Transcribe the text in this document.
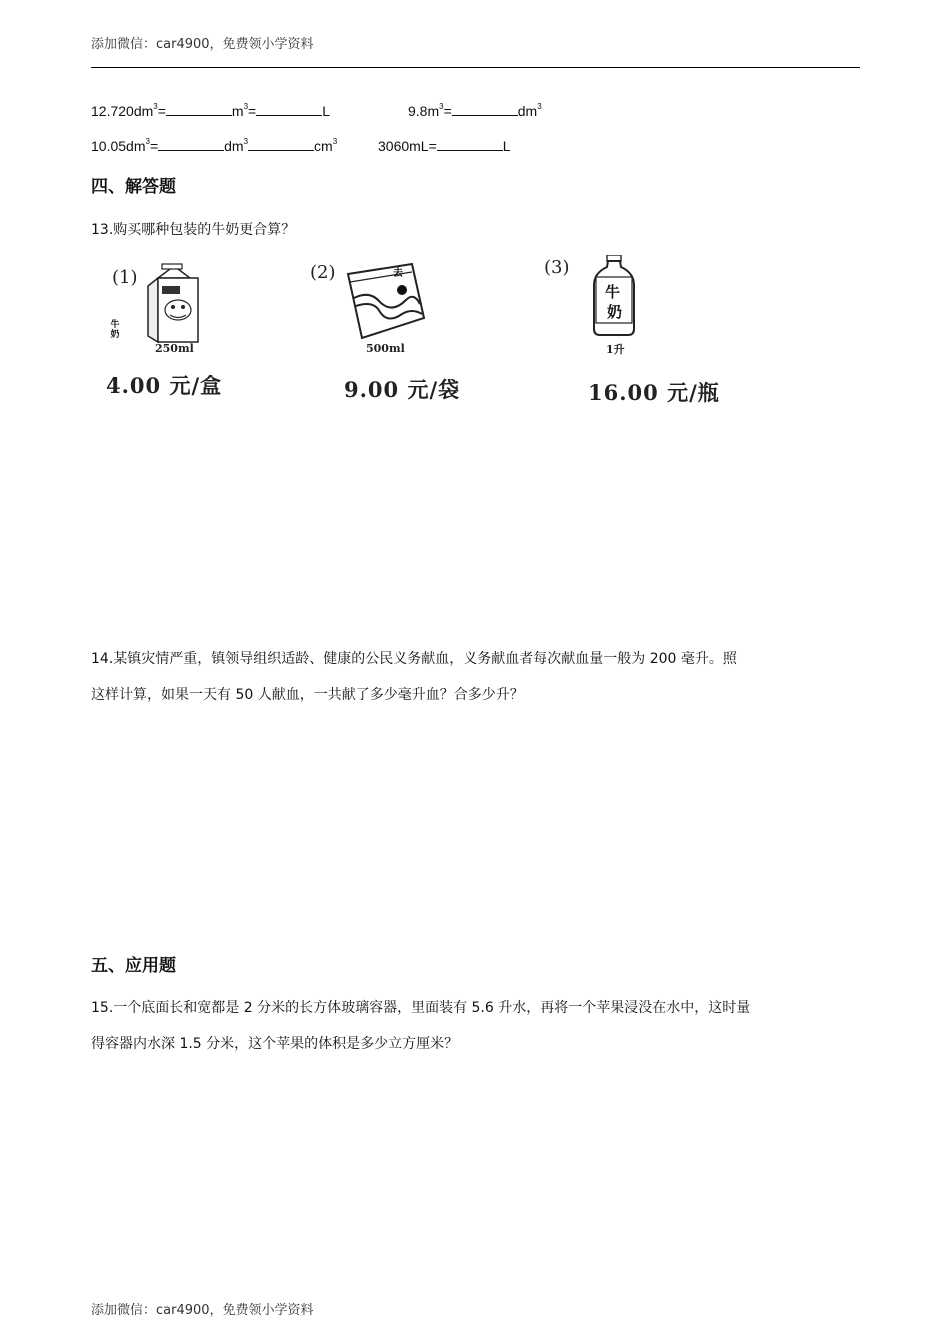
添加微信：car4900，免费领小学资料
$12.720dm^3=$	$m^3=$	L	$9.8m^3=$	$dm^3$
$10.05dm^3=$	$dm^3$	$cm^3$	3060mL=	L
四、解答题
13.购买哪种包装的牛奶更合算？
(1)
牛奶
250ml
4.00 元/盒
(2)	去
500ml
9.00 元/袋
(3)
牛
奶
1升
16.00 元/瓶
14.某镇灾情严重，镇领导组织适龄、健康的公民义务献血，义务献血者每次献血量一般为 200 毫升。照
这样计算，如果一天有 50 人献血，一共献了多少毫升血？合多少升？
五、应用题
15.一个底面长和宽都是 2 分米的长方体玻璃容器，里面装有 5.6 升水，再将一个苹果浸没在水中，这时量
得容器内水深 1.5 分米，这个苹果的体积是多少立方厘米？
添加微信：car4900，免费领小学资料
